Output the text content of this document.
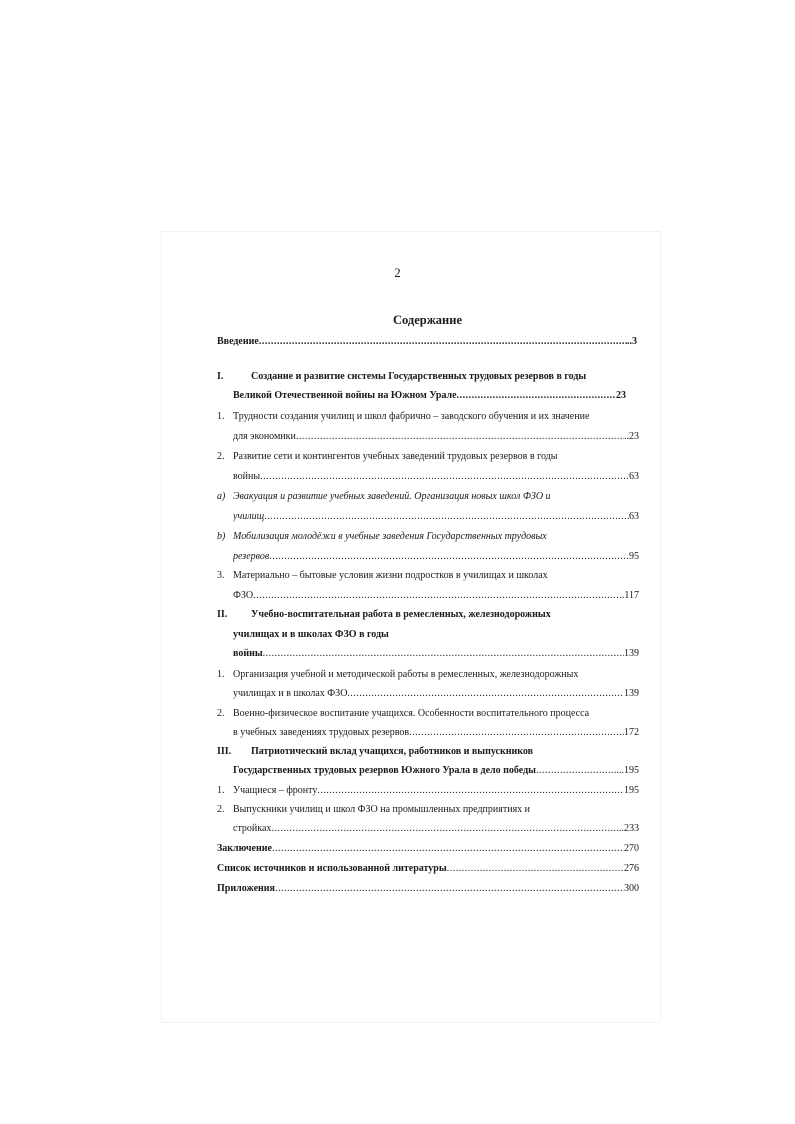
2
Содержание
Введение .....	..3
I.	Создание и развитие системы Государственных трудовых резервов в годы
Великой Отечественной войны на Южном Урале .....	23
1. Трудности создания училищ и школ фабрично – заводского обучения и их значение
для экономики .....	..23
2. Развитие сети и контингентов учебных заведений трудовых резервов в годы
войны .....	63
a) Эвакуация и развитие учебных заведений. Организация новых школ ФЗО и
училищ .....	63
b) Мобилизация молодёжи в учебные заведения Государственных трудовых
резервов .....	95
3. Материально – бытовые условия жизни подростков в училищах и школах
ФЗО .....	..117
II. Учебно-воспитательная работа в ремесленных, железнодорожных
училищах и в школах ФЗО в годы
войны .....	139
1. Организация учебной и методической работы в ремесленных, железнодорожных
училищах и в школах ФЗО .....	139
2. Военно-физическое воспитание учащихся. Особенности воспитательного процесса
в учебных заведениях трудовых резервов .....	172
III. Патриотический вклад учащихся, работников и выпускников
Государственных трудовых резервов Южного Урала в дело победы .....	...195
1. Учащиеся – фронту .....	195
2. Выпускники училищ и школ ФЗО на промышленных предприятиях и
стройках .....	..233
Заключение .....	270
Список источников и использованной литературы .....	276
Приложения .....	300
